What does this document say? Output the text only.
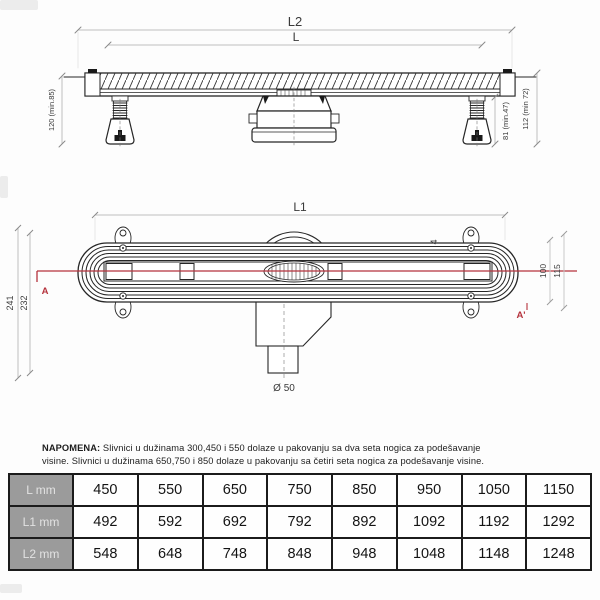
L2
L
120 (min.85)	81 (min.47) 112 (min 72)
L1
Ø 50
A
A'
241 232
100 115
4
NAPOMENA: Slivnici u dužinama 300,450 i 550 dolaze u pakovanju sa dva seta nogica za podešavanje
visine. Slivnici u dužinama 650,750 i 850 dolaze u pakovanju sa četiri seta nogica za podešavanje visine.
L mm	450	550	650	750	850	950	1050	1150
L1 mm	492	592	692	792	892	1092	1192	1292
L2 mm	548	648	748	848	948	1048	1148	1248
